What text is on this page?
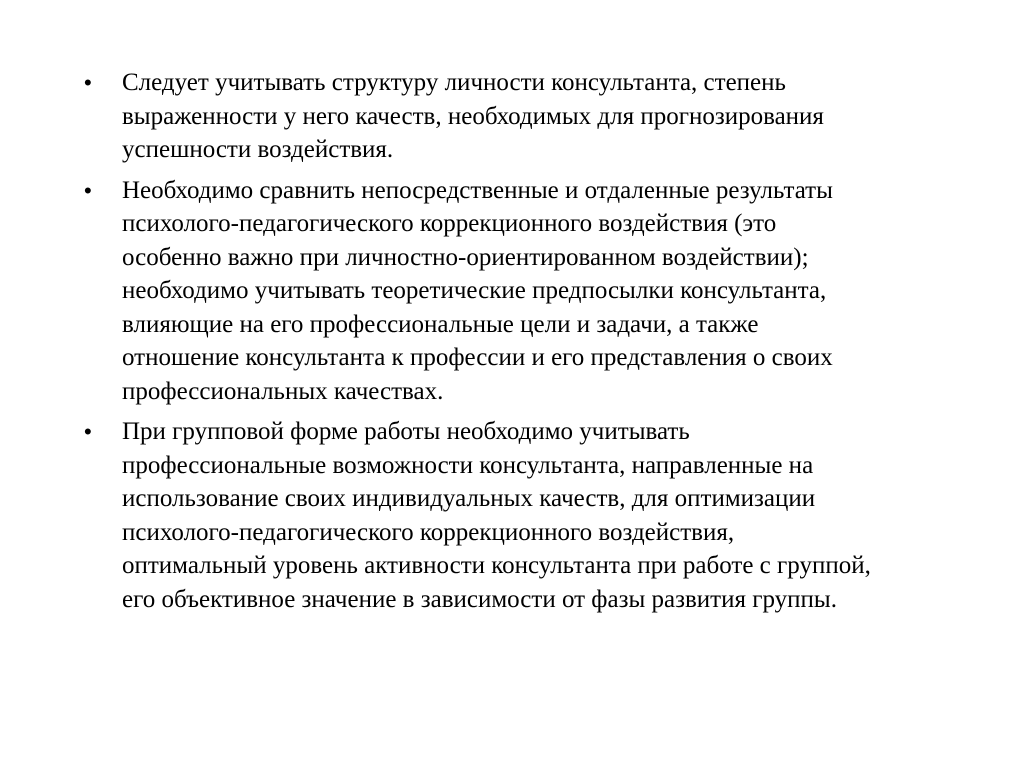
• Следует учитывать структуру личности консультанта, степень
выраженности у него качеств, необходимых для прогнозирования
успешности воздействия.
• Необходимо сравнить непосредственные и отдаленные результаты
психолого-педагогического коррекционного воздействия (это
особенно важно при личностно-ориентированном воздействии);
необходимо учитывать теоретические предпосылки консультанта,
влияющие на его профессиональные цели и задачи, а также
отношение консультанта к профессии и его представления о своих
профессиональных качествах.
• При групповой форме работы необходимо учитывать
профессиональные возможности консультанта, направленные на
использование своих индивидуальных качеств, для оптимизации
психолого-педагогического коррекционного воздействия,
оптимальный уровень активности консультанта при работе с группой,
его объективное значение в зависимости от фазы развития группы.
